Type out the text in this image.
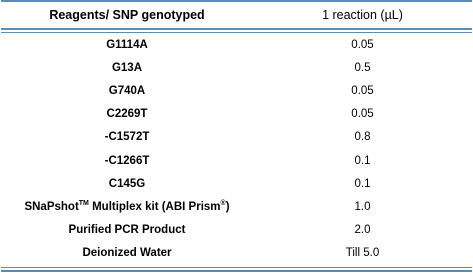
Reagents/ SNP genotyped	1 reaction (µL)
G1114A	0.05
G13A	0.5
G740A	0.05
C2269T	0.05
-C1572T	0.8
-C1266T	0.1
C145G	0.1
SNaPshot™ Multiplex kit (ABI Prism®)	1.0
Purified PCR Product	2.0
Deionized Water	Till 5.0
